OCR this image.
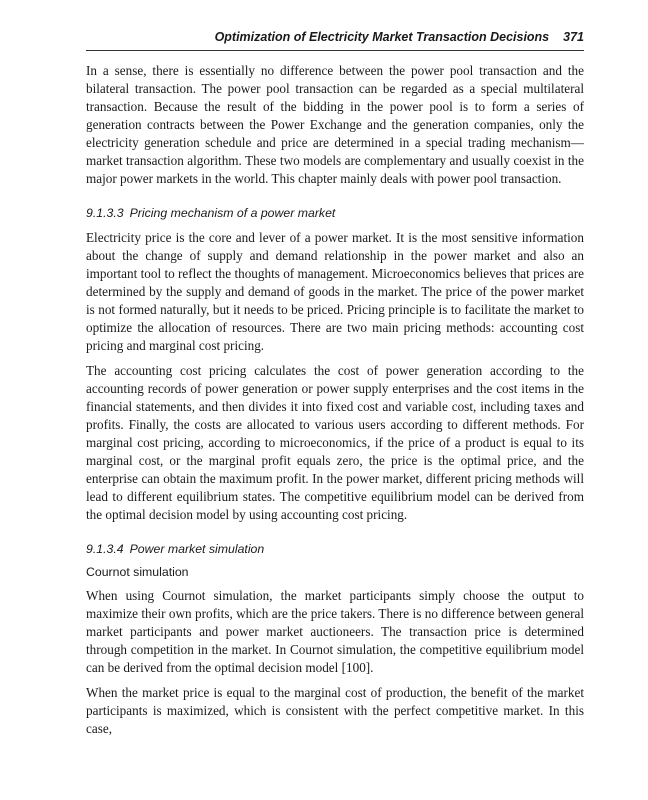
Optimization of Electricity Market Transaction Decisions 371

In a sense, there is essentially no difference between the power pool transaction and the bilateral transaction. The power pool transaction can be regarded as a special multilateral transaction. Because the result of the bidding in the power pool is to form a series of generation contracts between the Power Exchange and the generation companies, only the electricity generation schedule and price are determined in a special trading mechanism—market transaction algorithm. These two models are complementary and usually coexist in the major power markets in the world. This chapter mainly deals with power pool transaction.

9.1.3.3 Pricing mechanism of a power market

Electricity price is the core and lever of a power market. It is the most sensitive information about the change of supply and demand relationship in the power market and also an important tool to reflect the thoughts of management. Microeconomics believes that prices are determined by the supply and demand of goods in the market. The price of the power market is not formed naturally, but it needs to be priced. Pricing principle is to facilitate the market to optimize the allocation of resources. There are two main pricing methods: accounting cost pricing and marginal cost pricing.

The accounting cost pricing calculates the cost of power generation according to the accounting records of power generation or power supply enterprises and the cost items in the financial statements, and then divides it into fixed cost and variable cost, including taxes and profits. Finally, the costs are allocated to various users according to different methods. For marginal cost pricing, according to microeconomics, if the price of a product is equal to its marginal cost, or the marginal profit equals zero, the price is the optimal price, and the enterprise can obtain the maximum profit. In the power market, different pricing methods will lead to different equilibrium states. The competitive equilibrium model can be derived from the optimal decision model by using accounting cost pricing.

9.1.3.4 Power market simulation
Cournot simulation

When using Cournot simulation, the market participants simply choose the output to maximize their own profits, which are the price takers. There is no difference between general market participants and power market auctioneers. The transaction price is determined through competition in the market. In Cournot simulation, the competitive equilibrium model can be derived from the optimal decision model [100].

When the market price is equal to the marginal cost of production, the benefit of the market participants is maximized, which is consistent with the perfect competitive market. In this case,
